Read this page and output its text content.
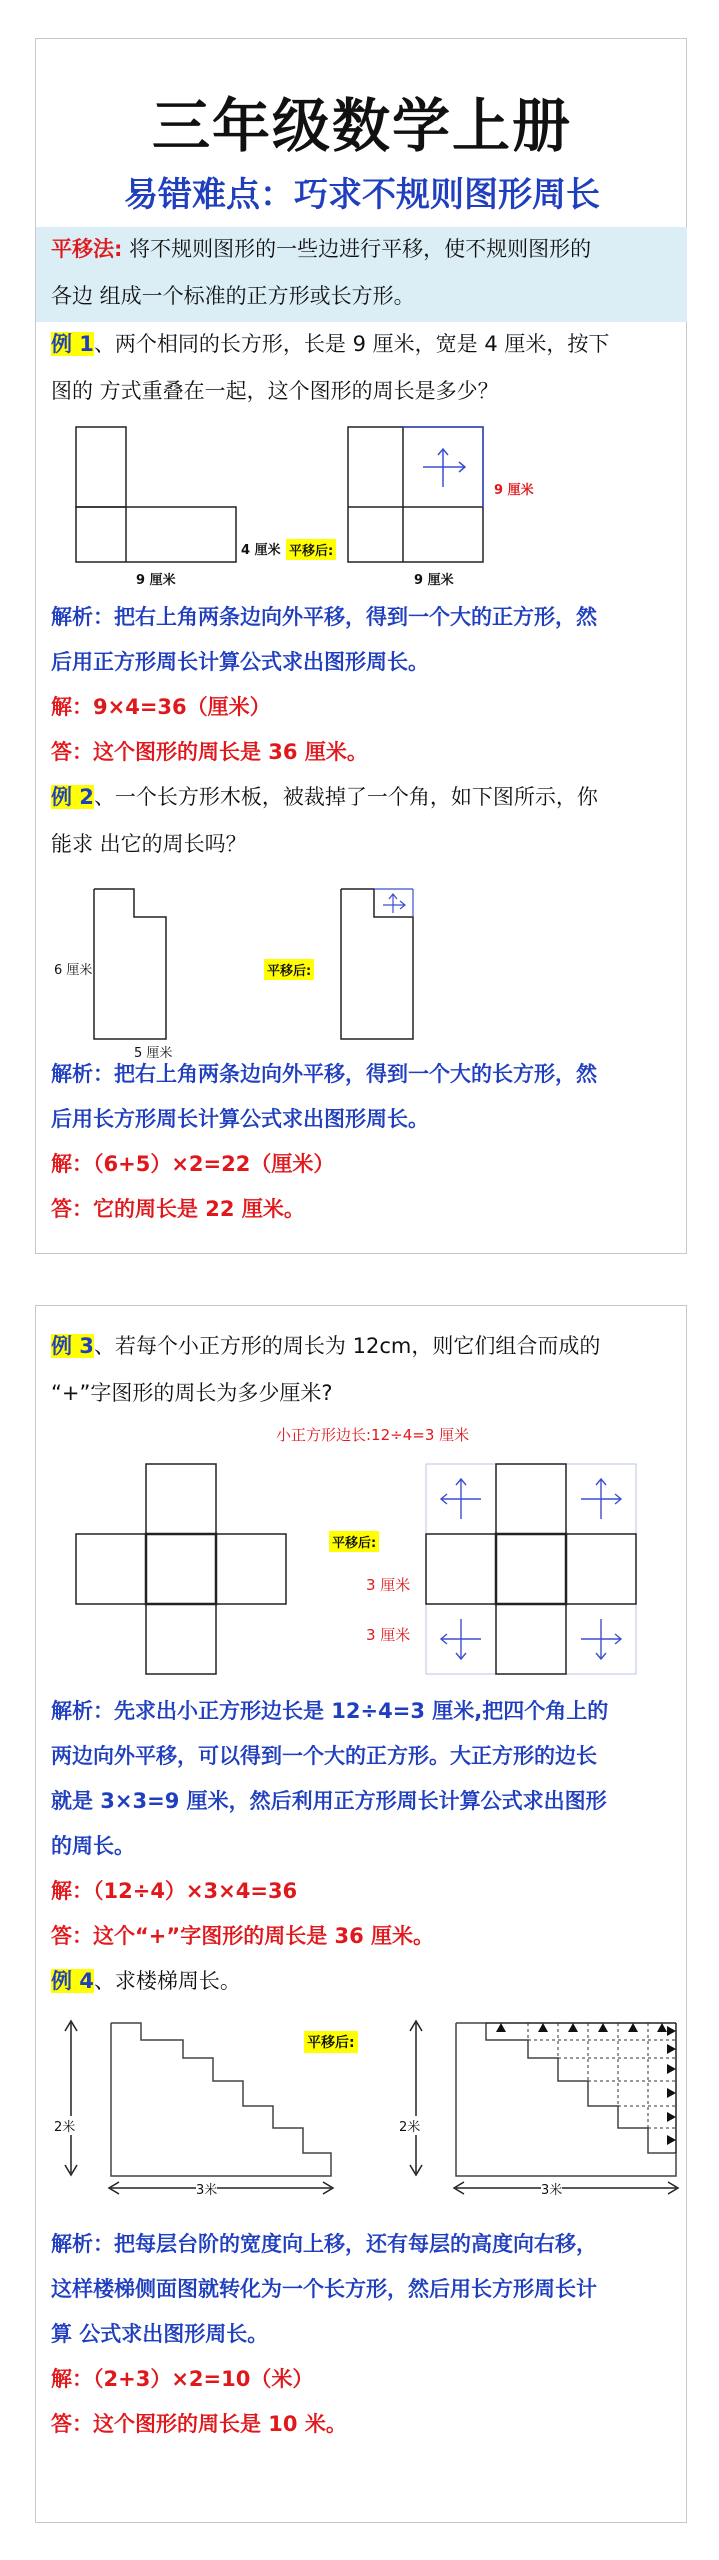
三年级数学上册
易错难点：巧求不规则图形周长
平移法: 将不规则图形的一些边进行平移，使不规则图形的
各边 组成一个标准的正方形或长方形。
例 1、两个相同的长方形，长是 9 厘米，宽是 4 厘米，按下
图的 方式重叠在一起，这个图形的周长是多少？
4 厘米
9 厘米
平移后:
9 厘米
9 厘米
解析：把右上角两条边向外平移，得到一个大的正方形，然
后用正方形周长计算公式求出图形周长。
解：9×4=36（厘米）
答：这个图形的周长是 36 厘米。
例 2、一个长方形木板，被裁掉了一个角，如下图所示，你
能求 出它的周长吗？
6 厘米
5 厘米
平移后:
解析：把右上角两条边向外平移，得到一个大的长方形，然
后用长方形周长计算公式求出图形周长。
解：（6+5）×2=22（厘米）
答：它的周长是 22 厘米。
例 3、若每个小正方形的周长为 12cm，则它们组合而成的
“+”字图形的周长为多少厘米?
小正方形边长:12÷4=3 厘米
平移后:
3 厘米
3 厘米
解析：先求出小正方形边长是 12÷4=3 厘米,把四个角上的
两边向外平移，可以得到一个大的正方形。大正方形的边长
就是 3×3=9 厘米，然后利用正方形周长计算公式求出图形
的周长。
解：（12÷4）×3×4=36
答：这个“+”字图形的周长是 36 厘米。
例 4、求楼梯周长。
2米
3米
平移后:
2米
3米
解析：把每层台阶的宽度向上移，还有每层的高度向右移，
这样楼梯侧面图就转化为一个长方形，然后用长方形周长计
算 公式求出图形周长。
解：（2+3）×2=10（米）
答：这个图形的周长是 10 米。
